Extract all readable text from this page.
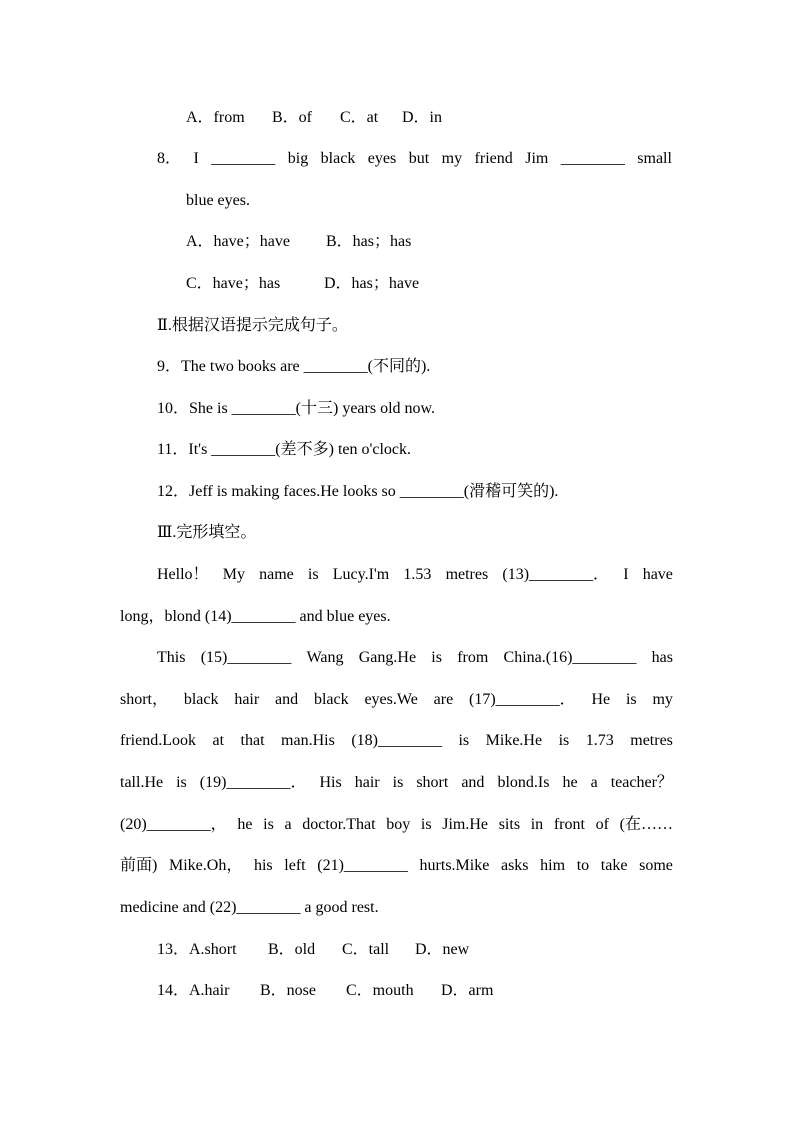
A．from B．of C．at D．in
8． I ________ big black eyes but my friend Jim ________ small
blue eyes.
A．have；have B．has；has
C．have；has	D．has；have
Ⅱ.根据汉语提示完成句子。
9．The two books are ________(不同的).
10．She is ________(十三) years old now.
11．It's ________(差不多) ten o'clock.
12．Jeff is making faces.He looks so ________(滑稽可笑的).
Ⅲ.完形填空。
Hello！ My name is Lucy.I'm 1.53 metres (13)________． I have
long，blond (14)________ and blue eyes.
This (15)________ Wang Gang.He is from China.(16)________ has
short， black hair and black eyes.We are (17)________． He is my
friend.Look at that man.His (18)________ is Mike.He is 1.73 metres
tall.He is (19)________． His hair is short and blond.Is he a teacher？
(20)________， he is a doctor.That boy is Jim.He sits in front of (在……
前面) Mike.Oh， his left (21)________ hurts.Mike asks him to take some
medicine and (22)________ a good rest.
13．A.short B．old C．tall D．new
14．A.hair B．nose C．mouth D．arm
